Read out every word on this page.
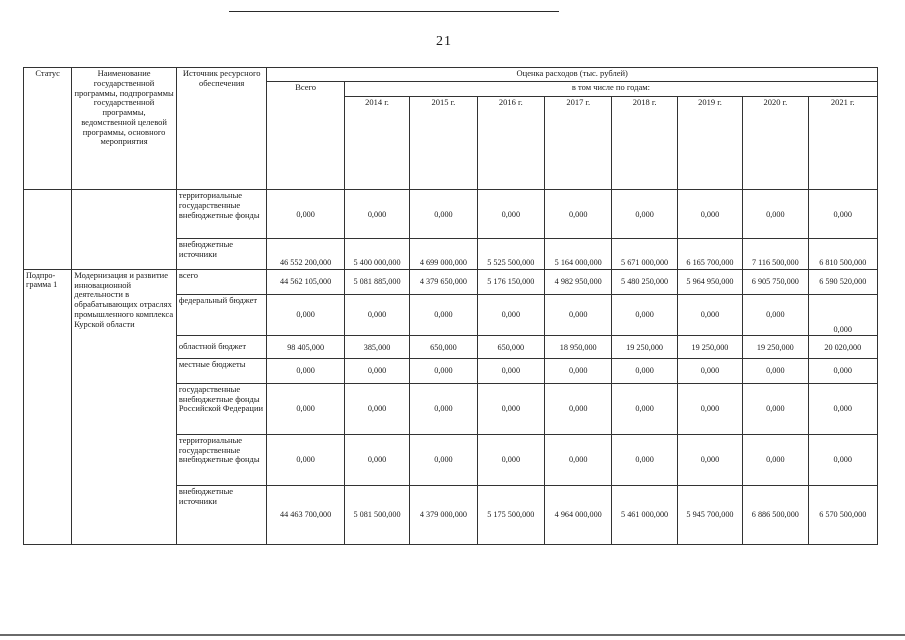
21
Статус	Наименование государственной программы, подпрограммы государственной программы, ведомственной целевой программы, основного мероприятия	Источник ресурсного обеспечения	Оценка расходов (тыс. рублей)								
			Всего	в том числе по годам:							
				2014 г.	2015 г.	2016 г.	2017 г.	2018 г.	2019 г.	2020 г.	2021 г.
		территориальные государственные внебюджетные фонды	0,000	0,000	0,000	0,000	0,000	0,000	0,000	0,000	0,000
		внебюджетные источники	46 552 200,000	5 400 000,000	4 699 000,000	5 525 500,000	5 164 000,000	5 671 000,000	6 165 700,000	7 116 500,000	6 810 500,000
Подпро-грамма 1	Модернизация и развитие инновационной деятельности в обрабатывающих отраслях промышленного комплекса Курской области	всего	44 562 105,000	5 081 885,000	4 379 650,000	5 176 150,000	4 982 950,000	5 480 250,000	5 964 950,000	6 905 750,000	6 590 520,000
		федеральный бюджет	0,000	0,000	0,000	0,000	0,000	0,000	0,000	0,000	0,000
		областной бюджет	98 405,000	385,000	650,000	650,000	18 950,000	19 250,000	19 250,000	19 250,000	20 020,000
		местные бюджеты	0,000	0,000	0,000	0,000	0,000	0,000	0,000	0,000	0,000
		государственные внебюджетные фонды Российской Федерации	0,000	0,000	0,000	0,000	0,000	0,000	0,000	0,000	0,000
		территориальные государственные внебюджетные фонды	0,000	0,000	0,000	0,000	0,000	0,000	0,000	0,000	0,000
		внебюджетные источники	44 463 700,000	5 081 500,000	4 379 000,000	5 175 500,000	4 964 000,000	5 461 000,000	5 945 700,000	6 886 500,000	6 570 500,000
